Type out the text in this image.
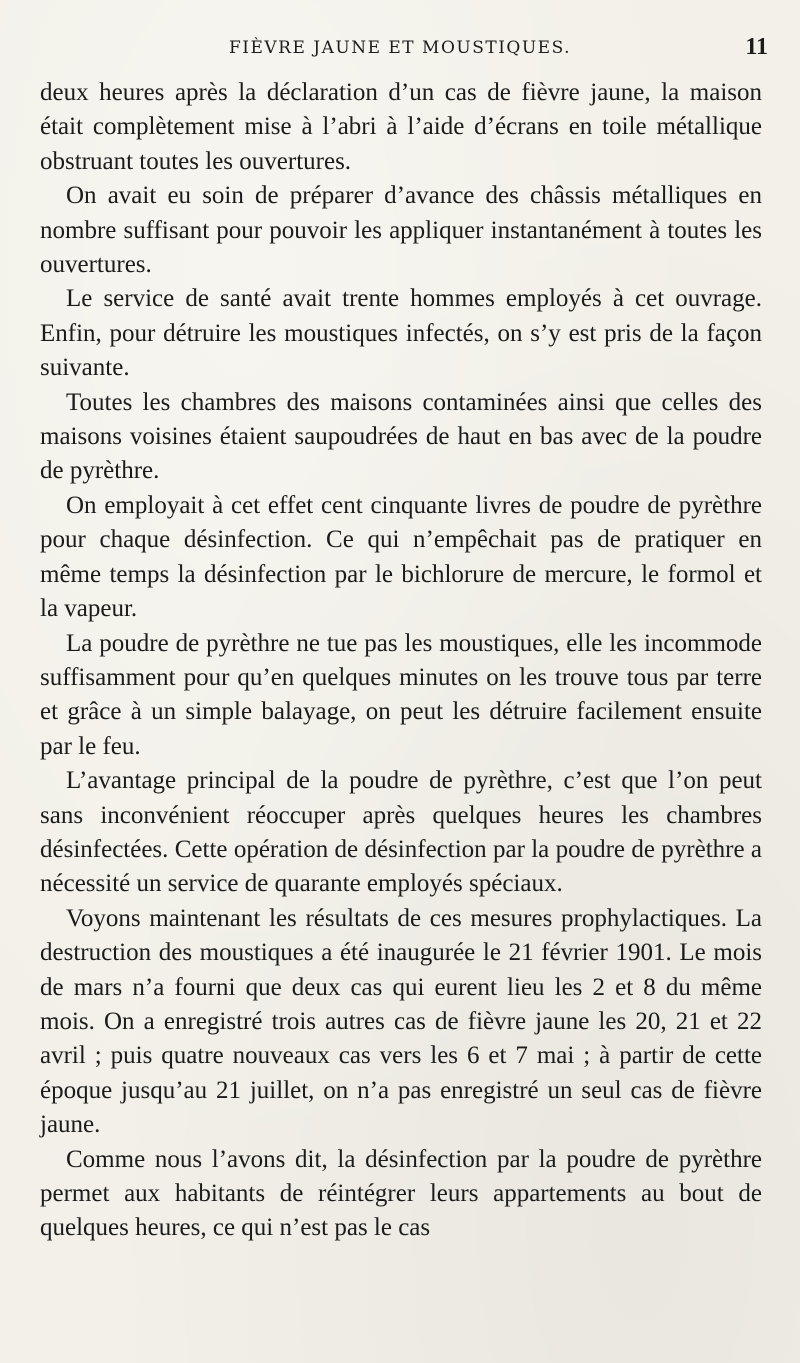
FIÈVRE JAUNE ET MOUSTIQUES.	11

deux heures après la déclaration d’un cas de fièvre jaune, la maison était complètement mise à l’abri à l’aide d’écrans en toile métallique obstruant toutes les ouvertures.

On avait eu soin de préparer d’avance des châssis métalliques en nombre suffisant pour pouvoir les appliquer instantanément à toutes les ouvertures.

Le service de santé avait trente hommes employés à cet ouvrage. Enfin, pour détruire les moustiques infectés, on s’y est pris de la façon suivante.

Toutes les chambres des maisons contaminées ainsi que celles des maisons voisines étaient saupoudrées de haut en bas avec de la poudre de pyrèthre.

On employait à cet effet cent cinquante livres de poudre de pyrèthre pour chaque désinfection. Ce qui n’empêchait pas de pratiquer en même temps la désinfection par le bichlorure de mercure, le formol et la vapeur.

La poudre de pyrèthre ne tue pas les moustiques, elle les incommode suffisamment pour qu’en quelques minutes on les trouve tous par terre et grâce à un simple balayage, on peut les détruire facilement ensuite par le feu.

L’avantage principal de la poudre de pyrèthre, c’est que l’on peut sans inconvénient réoccuper après quelques heures les chambres désinfectées. Cette opération de désinfection par la poudre de pyrèthre a nécessité un service de quarante employés spéciaux.

Voyons maintenant les résultats de ces mesures prophylactiques. La destruction des moustiques a été inaugurée le 21 février 1901. Le mois de mars n’a fourni que deux cas qui eurent lieu les 2 et 8 du même mois. On a enregistré trois autres cas de fièvre jaune les 20, 21 et 22 avril ; puis quatre nouveaux cas vers les 6 et 7 mai ; à partir de cette époque jusqu’au 21 juillet, on n’a pas enregistré un seul cas de fièvre jaune.

Comme nous l’avons dit, la désinfection par la poudre de pyrèthre permet aux habitants de réintégrer leurs appartements au bout de quelques heures, ce qui n’est pas le cas
